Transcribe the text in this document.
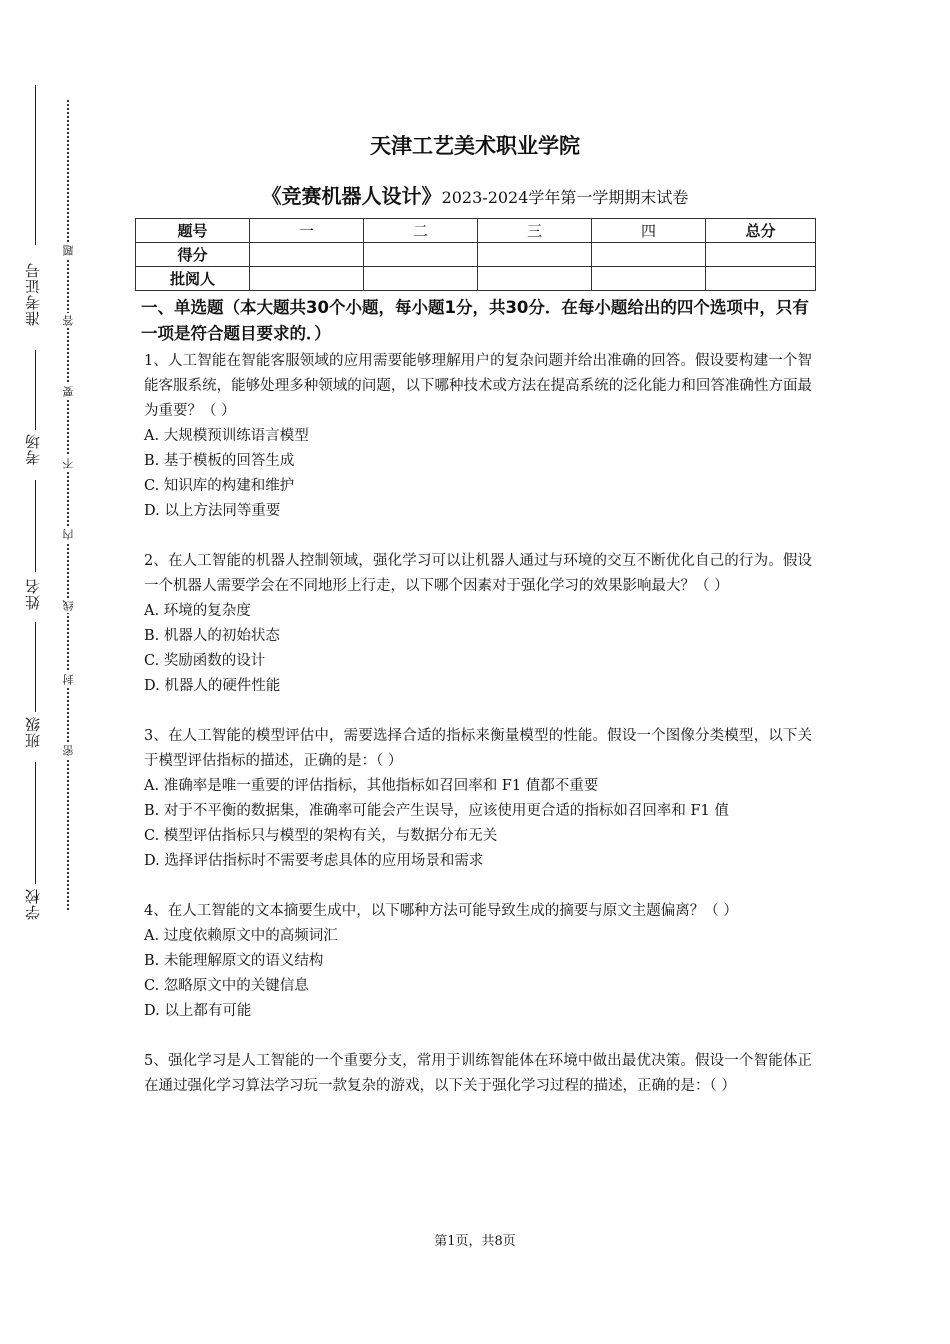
准考证号
考场
姓名
班级
学校
题
答
要
不
内
线
封
密
天津工艺美术职业学院
《竞赛机器人设计》2023-2024学年第一学期期末试卷
题号	一	二	三	四	总分
得分					
批阅人					
一、单选题（本大题共30个小题，每小题1分，共30分．在每小题给出的四个选项中，只有一项是符合题目要求的．）
1、人工智能在智能客服领域的应用需要能够理解用户的复杂问题并给出准确的回答。假设要构建一个智能客服系统，能够处理多种领域的问题，以下哪种技术或方法在提高系统的泛化能力和回答准确性方面最为重要？（ ）
A. 大规模预训练语言模型
B. 基于模板的回答生成
C. 知识库的构建和维护
D. 以上方法同等重要
2、在人工智能的机器人控制领域，强化学习可以让机器人通过与环境的交互不断优化自己的行为。假设一个机器人需要学会在不同地形上行走，以下哪个因素对于强化学习的效果影响最大？（ ）
A. 环境的复杂度
B. 机器人的初始状态
C. 奖励函数的设计
D. 机器人的硬件性能
3、在人工智能的模型评估中，需要选择合适的指标来衡量模型的性能。假设一个图像分类模型，以下关于模型评估指标的描述，正确的是：（ ）
A. 准确率是唯一重要的评估指标，其他指标如召回率和 F1 值都不重要
B. 对于不平衡的数据集，准确率可能会产生误导，应该使用更合适的指标如召回率和 F1 值
C. 模型评估指标只与模型的架构有关，与数据分布无关
D. 选择评估指标时不需要考虑具体的应用场景和需求
4、在人工智能的文本摘要生成中，以下哪种方法可能导致生成的摘要与原文主题偏离？（ ）
A. 过度依赖原文中的高频词汇
B. 未能理解原文的语义结构
C. 忽略原文中的关键信息
D. 以上都有可能
5、强化学习是人工智能的一个重要分支，常用于训练智能体在环境中做出最优决策。假设一个智能体正在通过强化学习算法学习玩一款复杂的游戏，以下关于强化学习过程的描述，正确的是：（ ）
第1页，共8页
